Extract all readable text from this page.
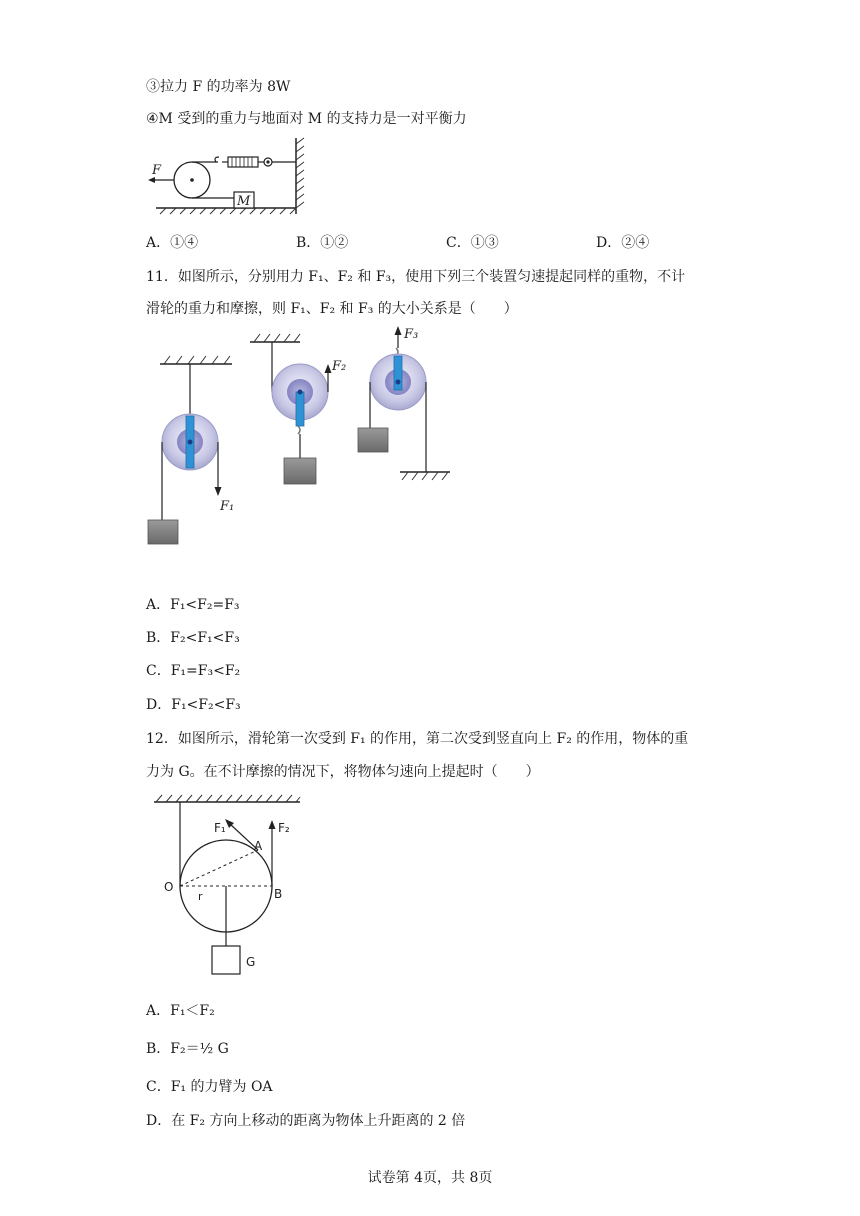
③拉力 F 的功率为 8W
④M 受到的重力与地面对 M 的支持力是一对平衡力
M
F
A．①④	B．①②	C．①③	D．②④
11．如图所示，分别用力 F₁、F₂ 和 F₃，使用下列三个装置匀速提起同样的重物，不计
滑轮的重力和摩擦，则 F₁、F₂ 和 F₃ 的大小关系是（　　）
F₁
F₂
F₃
A．F₁<F₂=F₃
B．F₂<F₁<F₃
C．F₁=F₃<F₂
D．F₁<F₂<F₃
12．如图所示，滑轮第一次受到 F₁ 的作用，第二次受到竖直向上 F₂ 的作用，物体的重
力为 G。在不计摩擦的情况下，将物体匀速向上提起时（　　）
F₁	F₂
A
O	B
r
G
A．F₁＜F₂
B．F₂＝½ G
C．F₁ 的力臂为 OA
D．在 F₂ 方向上移动的距离为物体上升距离的 2 倍
试卷第 4页，共 8页
